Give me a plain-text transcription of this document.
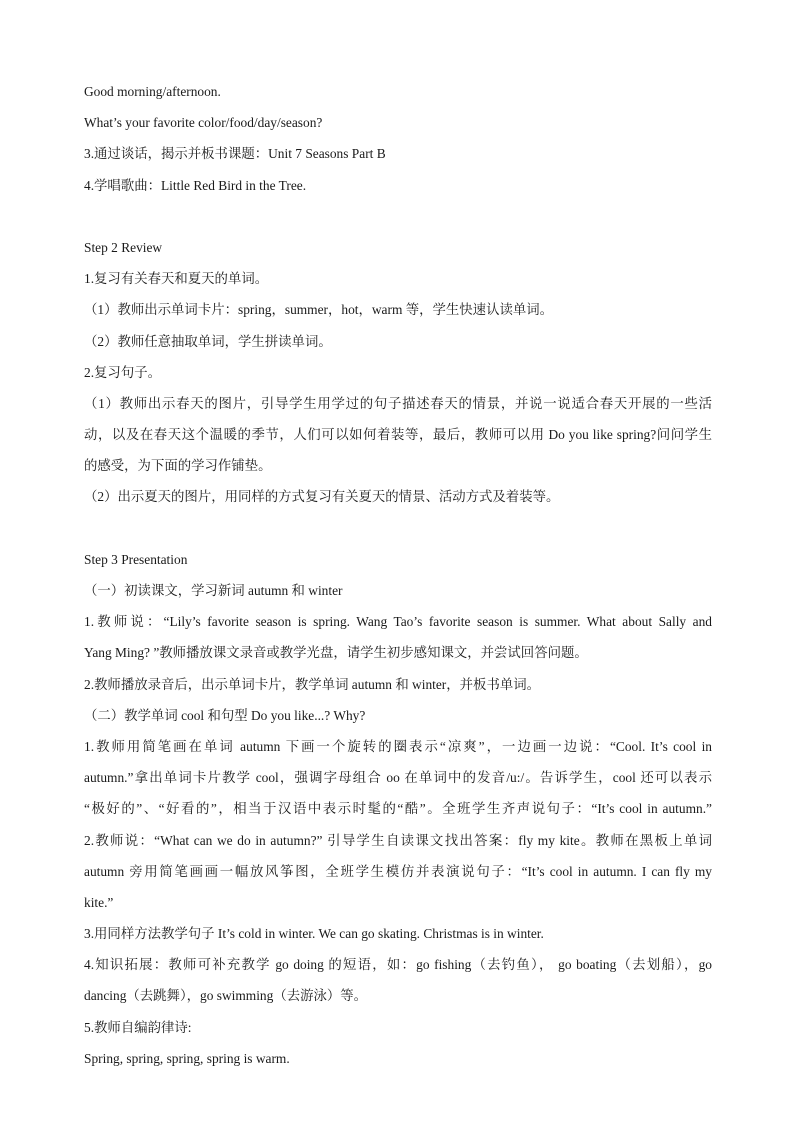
Good morning/afternoon.
What’s your favorite color/food/day/season?
3.通过谈话，揭示并板书课题：Unit 7 Seasons Part B
4.学唱歌曲：Little Red Bird in the Tree.
Step 2 Review
1.复习有关春天和夏天的单词。
（1）教师出示单词卡片：spring，summer，hot，warm 等，学生快速认读单词。
（2）教师任意抽取单词，学生拼读单词。
2.复习句子。
（1）教师出示春天的图片，引导学生用学过的句子描述春天的情景，并说一说适合春天开展的一些活
动，以及在春天这个温暖的季节，人们可以如何着装等，最后，教师可以用 Do you like spring?问问学生
的感受，为下面的学习作铺垫。
（2）出示夏天的图片，用同样的方式复习有关夏天的情景、活动方式及着装等。
Step 3 Presentation
（一）初读课文，学习新词 autumn 和 winter
1.教师说：“Lily’s favorite season is spring. Wang Tao’s favorite season is summer. What about Sally and
Yang Ming? ”教师播放课文录音或教学光盘，请学生初步感知课文，并尝试回答问题。
2.教师播放录音后，出示单词卡片，教学单词 autumn 和 winter，并板书单词。
（二）教学单词 cool 和句型 Do you like...? Why?
1.教师用简笔画在单词 autumn 下画一个旋转的圈表示“凉爽”，一边画一边说：“Cool. It’s cool in
autumn.”拿出单词卡片教学 cool，强调字母组合 oo 在单词中的发音/u:/。告诉学生，cool 还可以表示
“极好的”、“好看的”，相当于汉语中表示时髦的“酷”。全班学生齐声说句子：“It’s cool in autumn.”
2.教师说：“What can we do in autumn?” 引导学生自读课文找出答案：fly my kite。教师在黑板上单词
autumn 旁用简笔画画一幅放风筝图，全班学生模仿并表演说句子：“It’s cool in autumn. I can fly my
kite.”
3.用同样方法教学句子 It’s cold in winter. We can go skating. Christmas is in winter.
4.知识拓展：教师可补充教学 go doing 的短语，如：go fishing（去钓鱼）， go boating（去划船），go
dancing（去跳舞），go swimming（去游泳）等。
5.教师自编韵律诗:
Spring, spring, spring, spring is warm.
